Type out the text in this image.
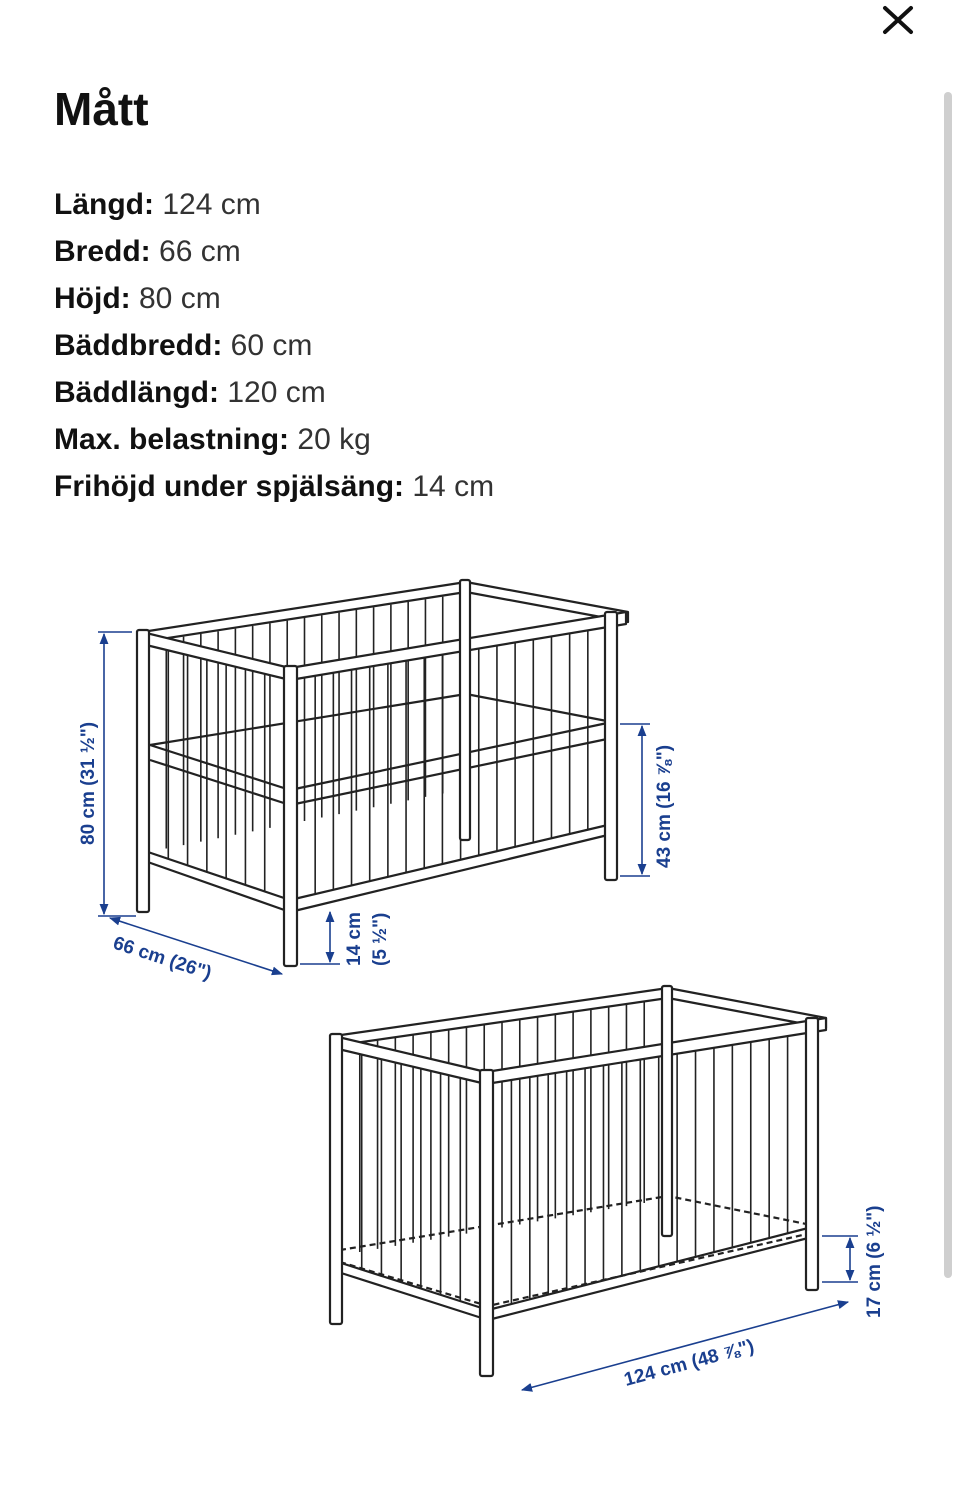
Mått
Längd: 124 cm
Bredd: 66 cm
Höjd: 80 cm
Bäddbredd: 60 cm
Bäddlängd: 120 cm
Max. belastning: 20 kg
Frihöjd under spjälsäng: 14 cm
80 cm (31 ½")
66 cm (26")	14 cm (5 ½")
43 cm (16 ⅞")
124 cm (48 ⅞")
17 cm (6 ½")
